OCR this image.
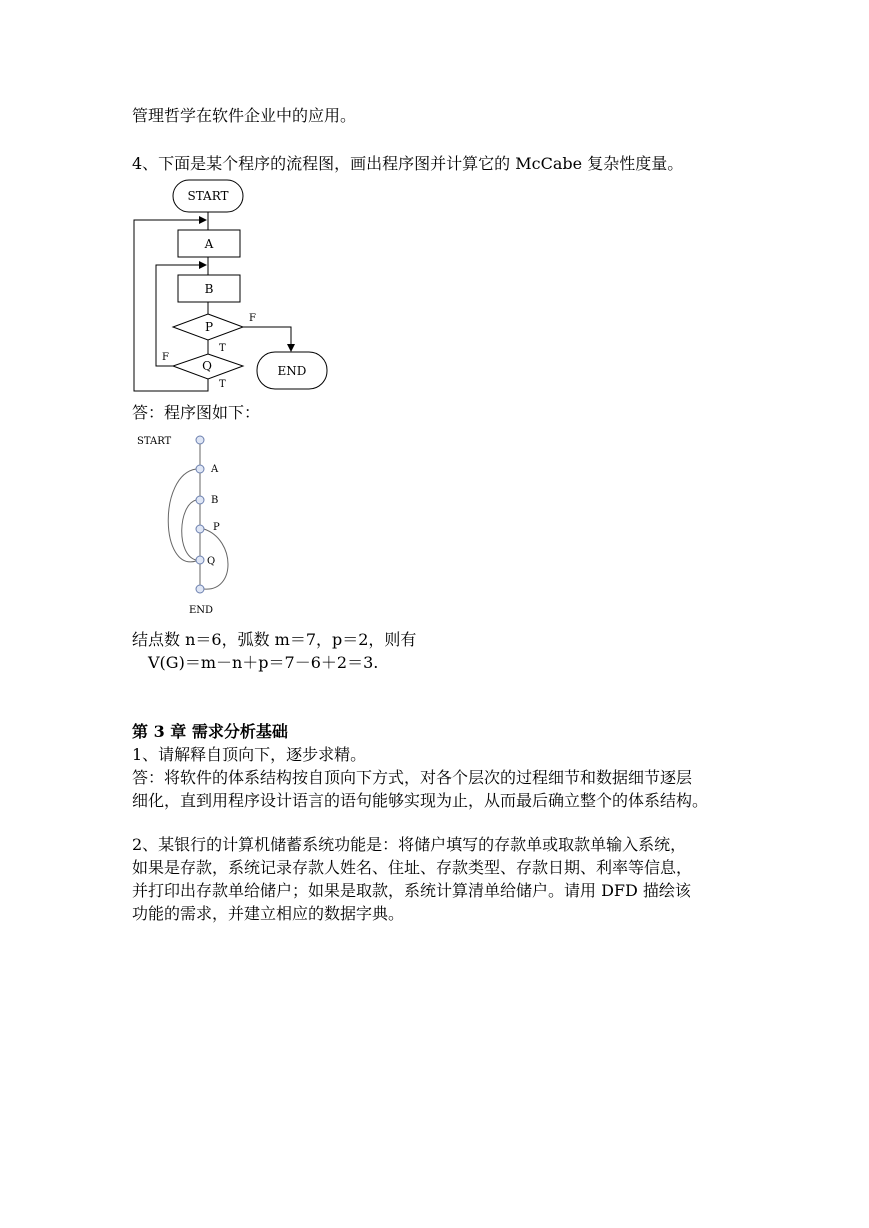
管理哲学在软件企业中的应用。
4、下面是某个程序的流程图，画出程序图并计算它的 McCabe 复杂性度量。
START
A
B
P
F
T
Q
F
T
END
答：程序图如下：
START
A
B
P
Q
END
结点数 n＝6，弧数 m＝7，p＝2，则有
V(G)＝m－n＋p＝7－6＋2＝3.
第 3 章 需求分析基础
1、请解释自顶向下，逐步求精。
答：将软件的体系结构按自顶向下方式，对各个层次的过程细节和数据细节逐层
细化，直到用程序设计语言的语句能够实现为止，从而最后确立整个的体系结构。
2、某银行的计算机储蓄系统功能是：将储户填写的存款单或取款单输入系统，
如果是存款，系统记录存款人姓名、住址、存款类型、存款日期、利率等信息，
并打印出存款单给储户；如果是取款，系统计算清单给储户。请用 DFD 描绘该
功能的需求，并建立相应的数据字典。
